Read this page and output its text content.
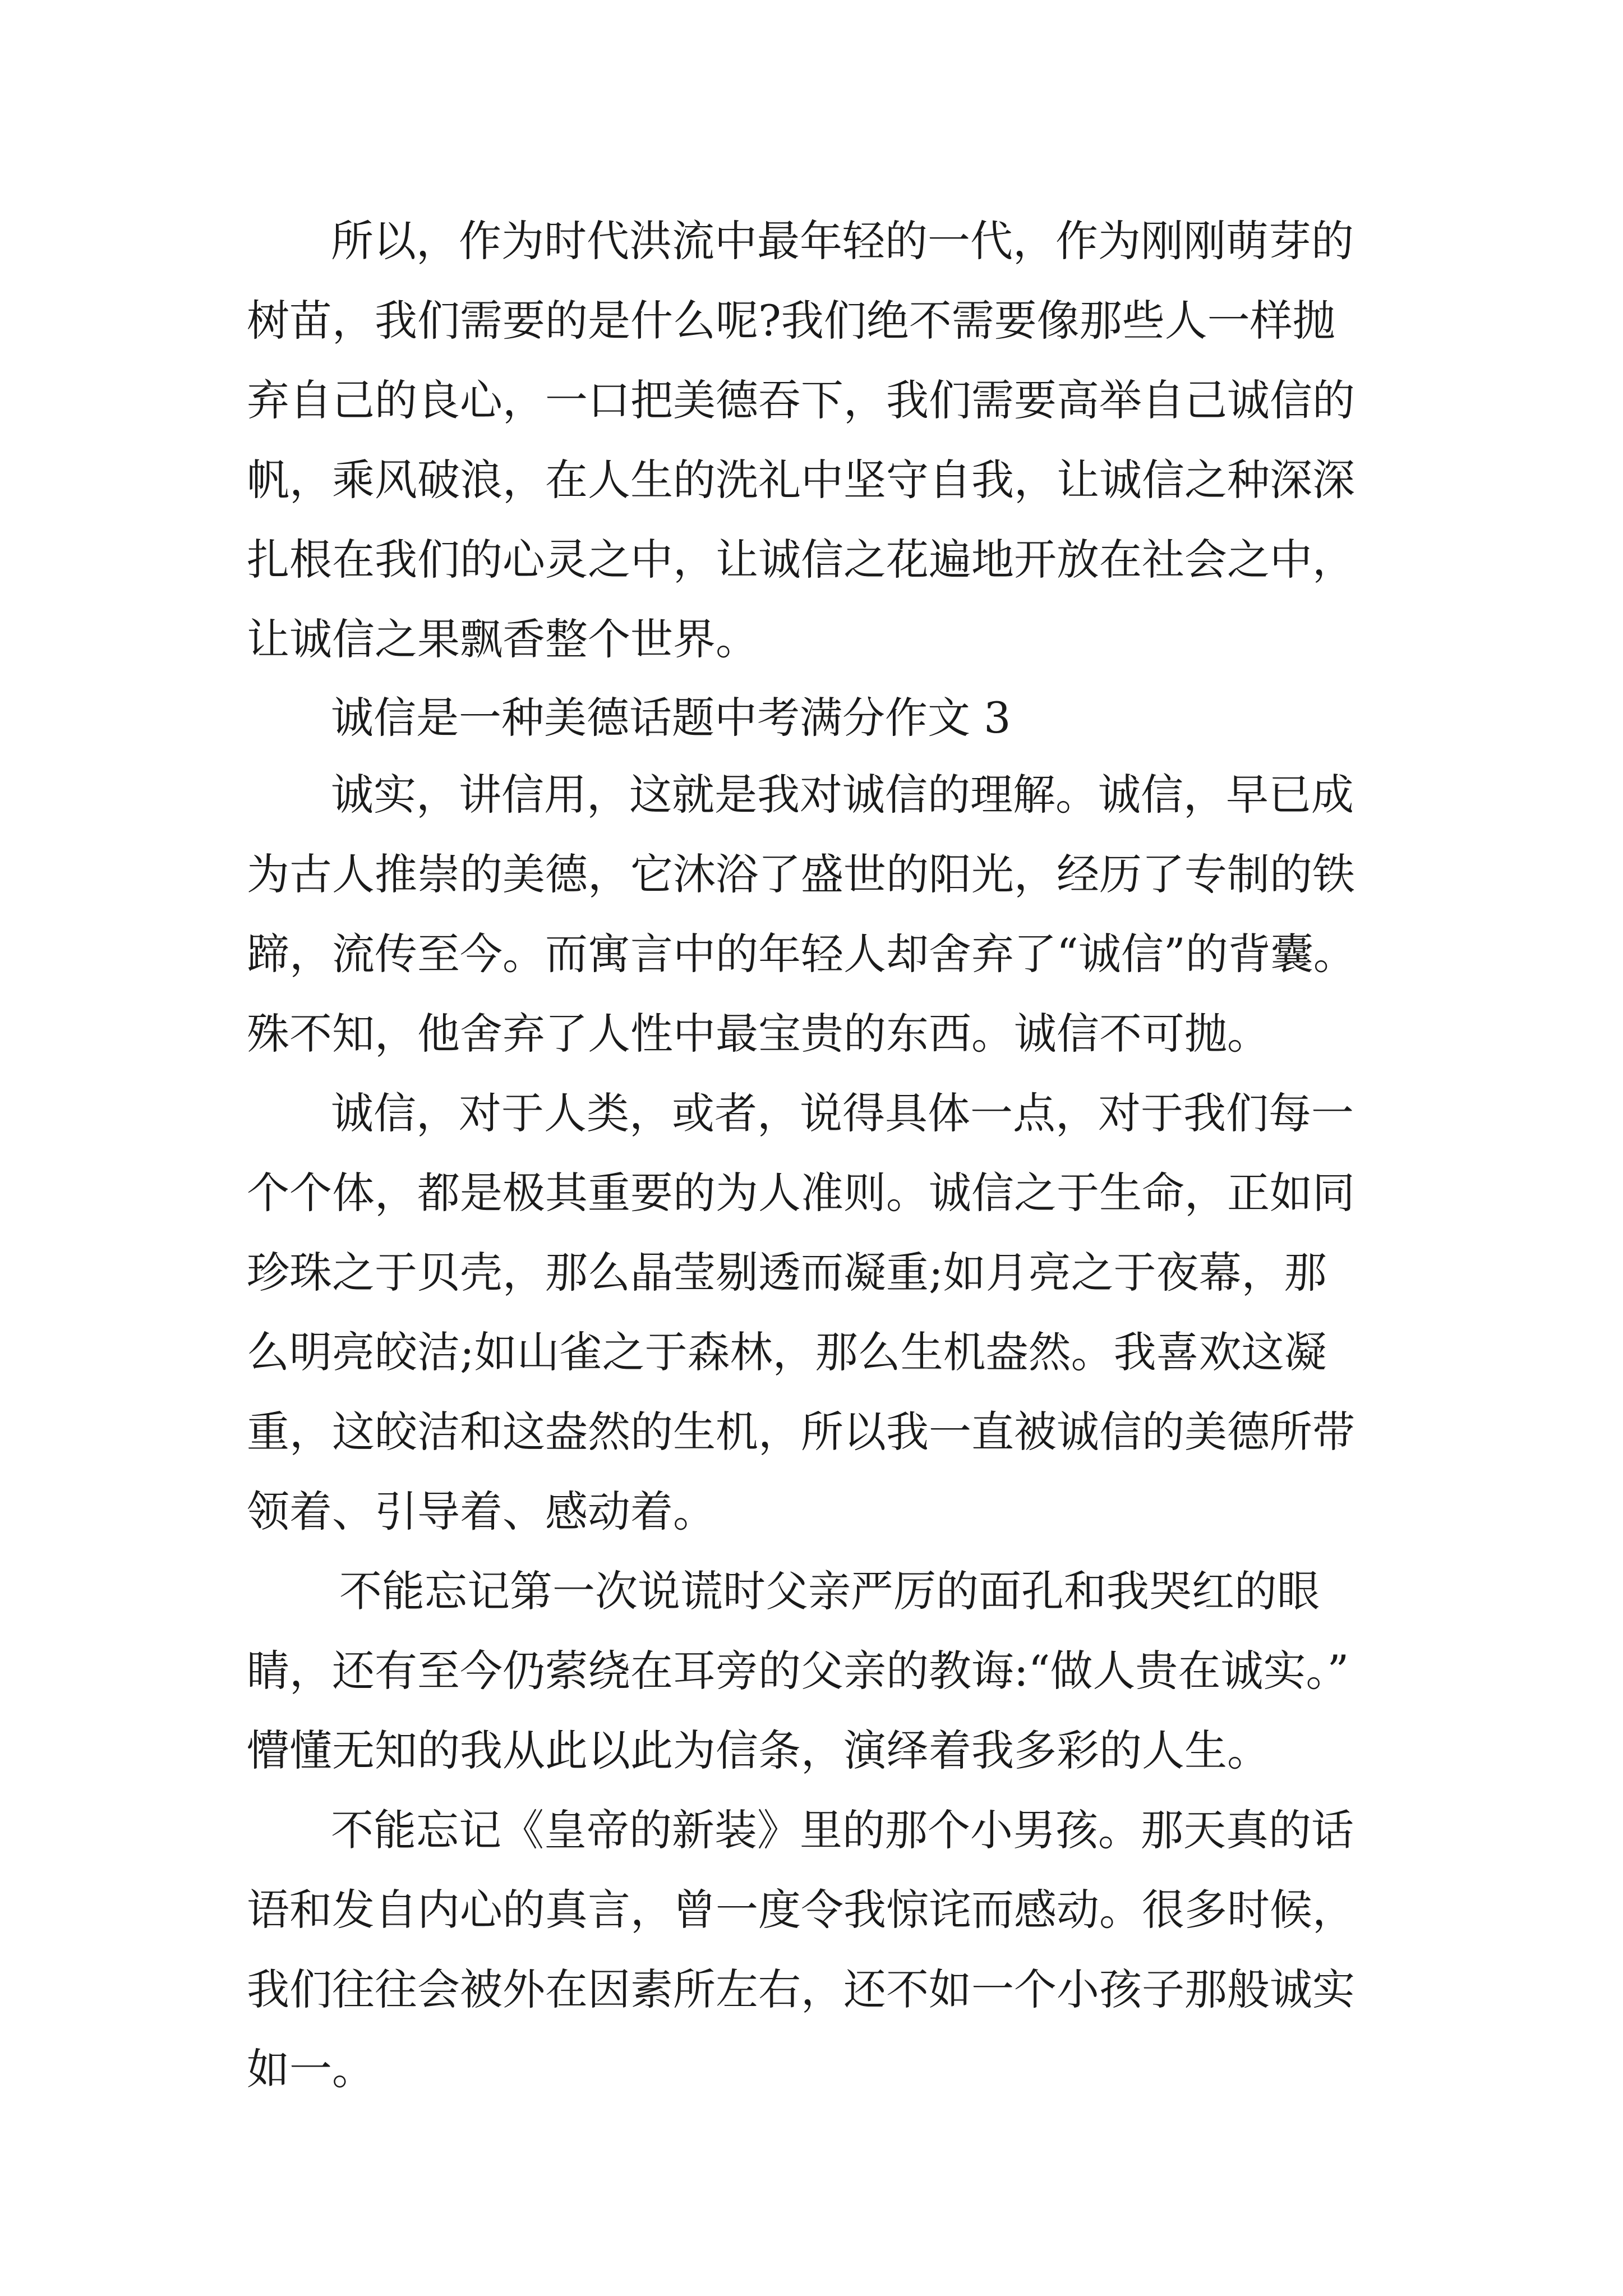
所以，作为时代洪流中最年轻的一代，作为刚刚萌芽的
树苗，我们需要的是什么呢?我们绝不需要像那些人一样抛
弃自己的良心，一口把美德吞下，我们需要高举自己诚信的
帆，乘风破浪，在人生的洗礼中坚守自我，让诚信之种深深
扎根在我们的心灵之中，让诚信之花遍地开放在社会之中，
让诚信之果飘香整个世界。
诚信是一种美德话题中考满分作文 3
诚实，讲信用，这就是我对诚信的理解。诚信，早已成
为古人推崇的美德，它沐浴了盛世的阳光，经历了专制的铁
蹄，流传至今。而寓言中的年轻人却舍弃了“诚信”的背囊。
殊不知，他舍弃了人性中最宝贵的东西。诚信不可抛。
诚信，对于人类，或者，说得具体一点，对于我们每一
个个体，都是极其重要的为人准则。诚信之于生命，正如同
珍珠之于贝壳，那么晶莹剔透而凝重;如月亮之于夜幕，那
么明亮皎洁;如山雀之于森林，那么生机盎然。我喜欢这凝
重，这皎洁和这盎然的生机，所以我一直被诚信的美德所带
领着、引导着、感动着。
不能忘记第一次说谎时父亲严厉的面孔和我哭红的眼
睛，还有至今仍萦绕在耳旁的父亲的教诲:“做人贵在诚实。”
懵懂无知的我从此以此为信条，演绎着我多彩的人生。
不能忘记《皇帝的新装》里的那个小男孩。那天真的话
语和发自内心的真言，曾一度令我惊诧而感动。很多时候，
我们往往会被外在因素所左右，还不如一个小孩子那般诚实
如一。
